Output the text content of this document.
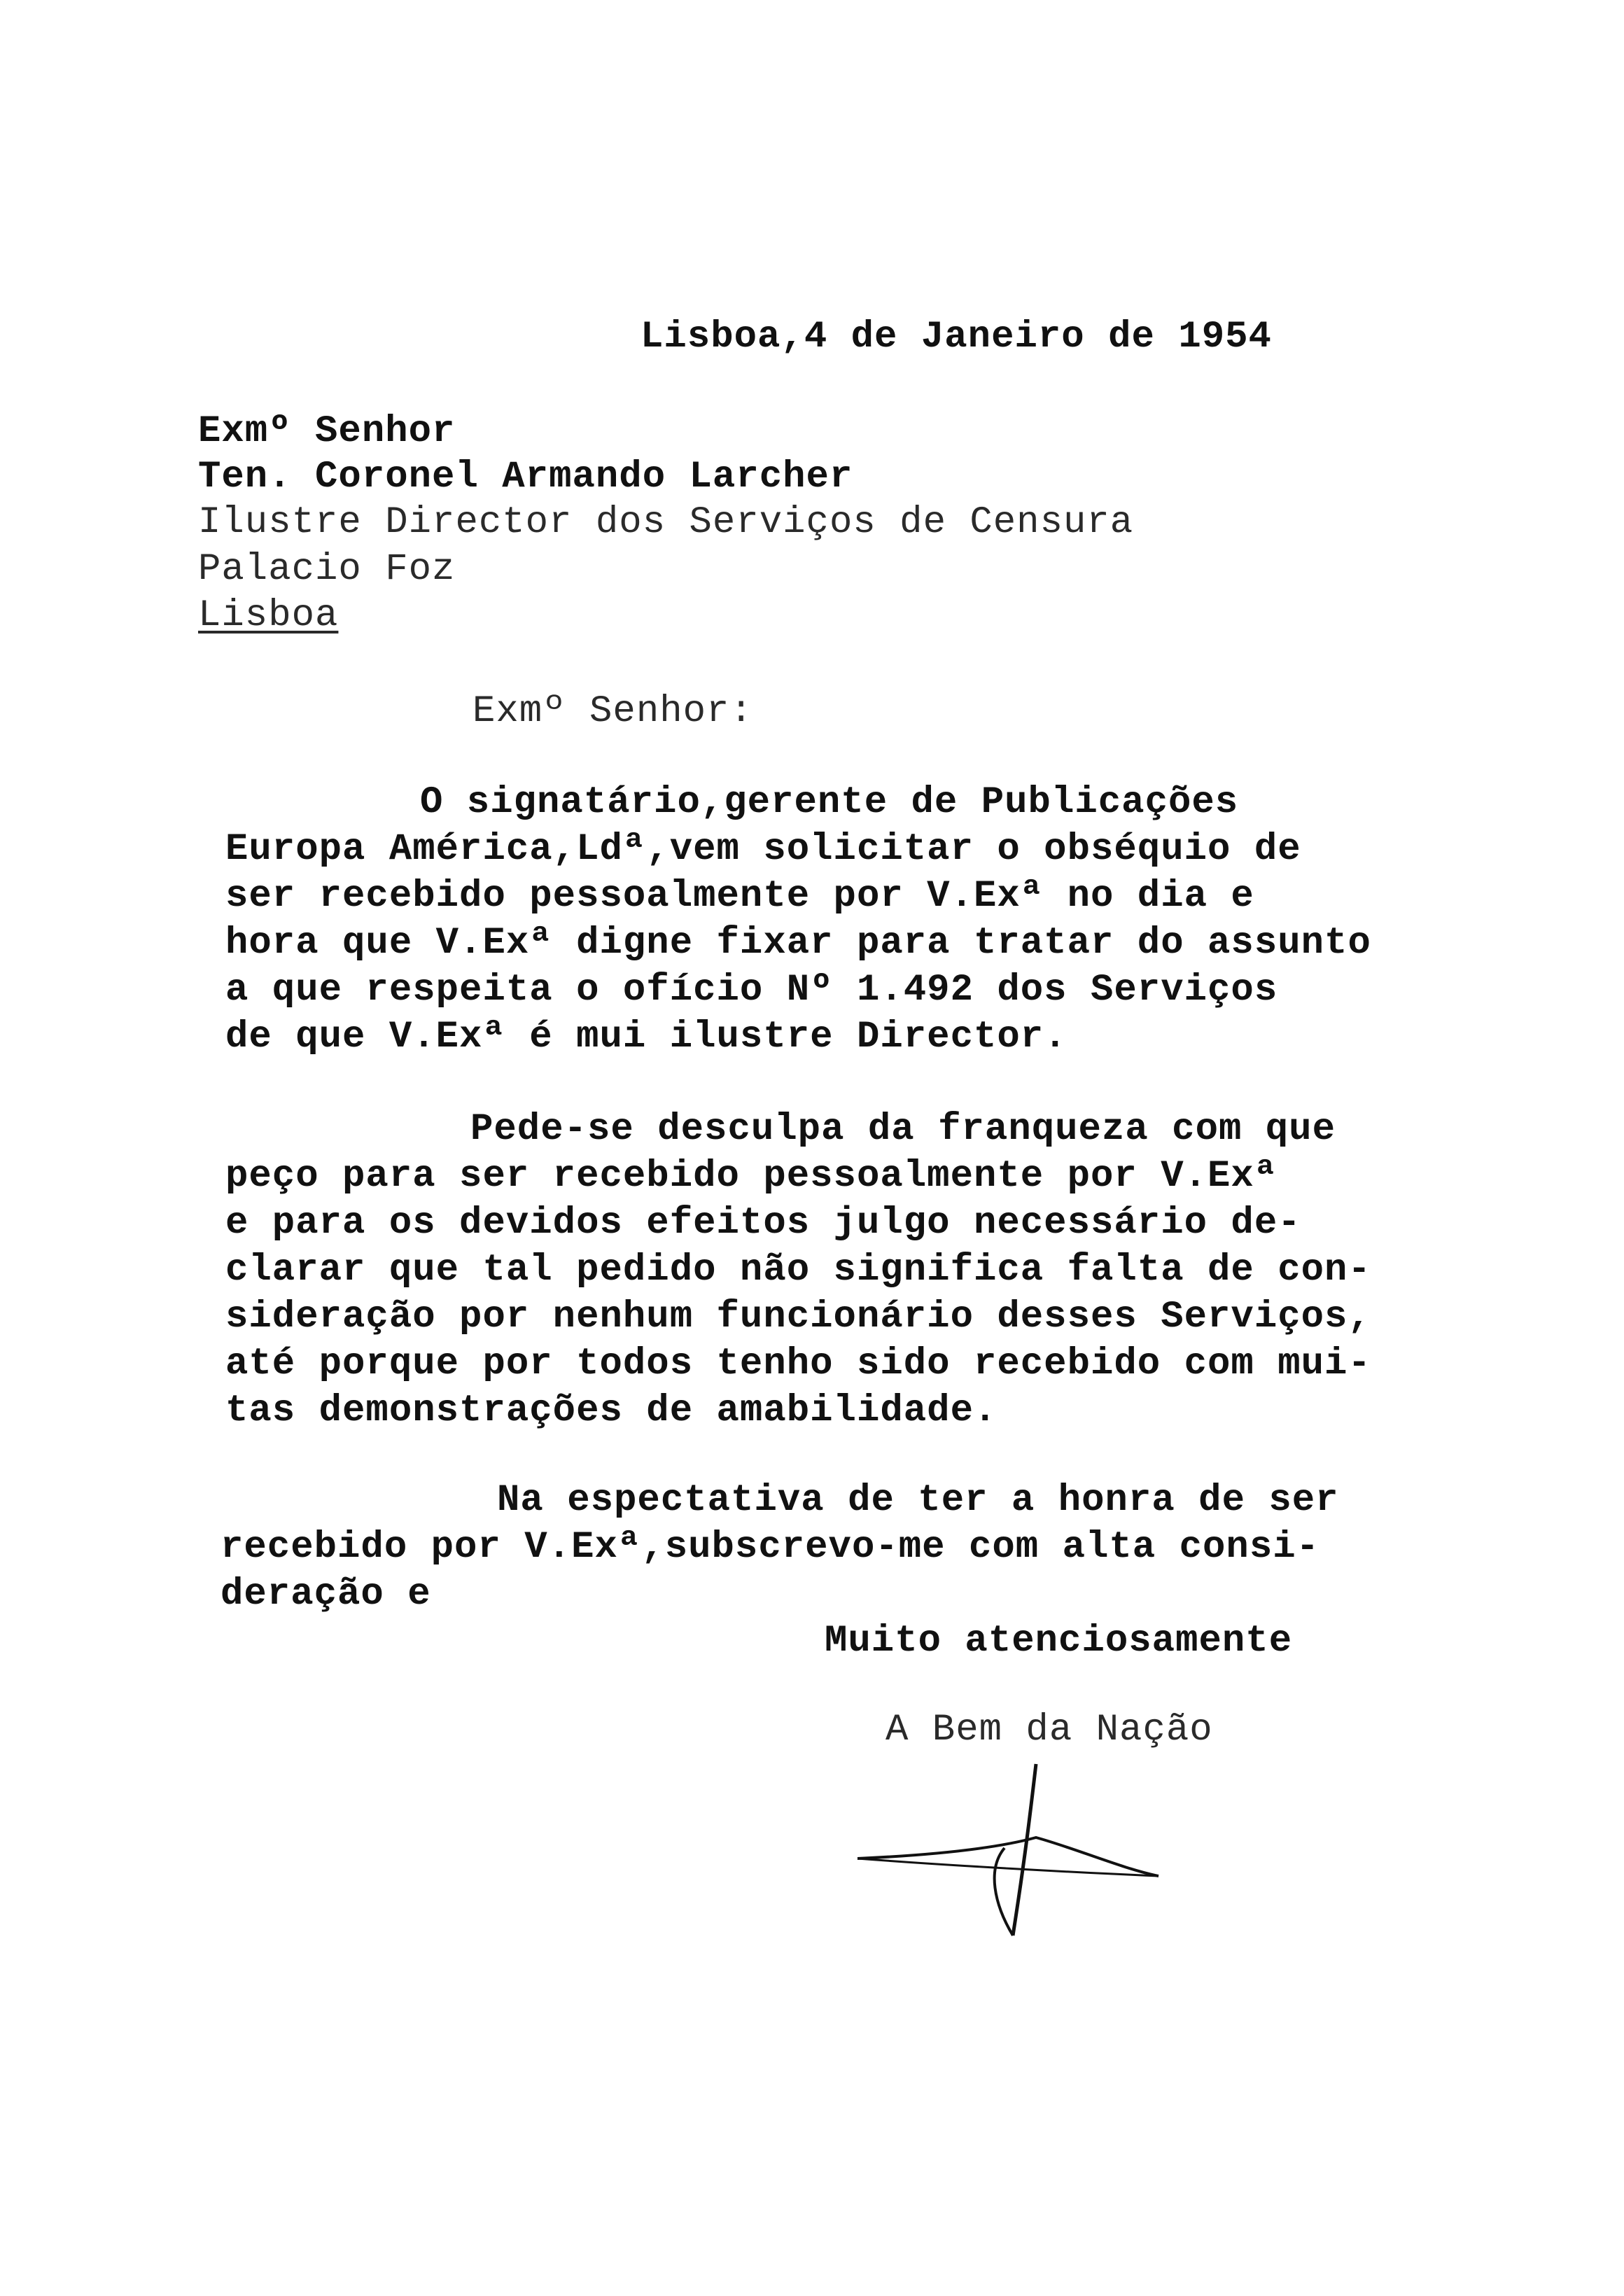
Lisboa,4 de Janeiro de 1954
Exmº Senhor
Ten. Coronel Armando Larcher
Ilustre Director dos Serviços de Censura
Palacio Foz
Lisboa
Exmº Senhor:
O signatário,gerente de Publicações
Europa América,Ldª,vem solicitar o obséquio de
ser recebido pessoalmente por V.Exª no dia e
hora que V.Exª digne fixar para tratar do assunto
a que respeita o ofício Nº 1.492 dos Serviços
de que V.Exª é mui ilustre Director.
Pede-se desculpa da franqueza com que
peço para ser recebido pessoalmente por V.Exª
e para os devidos efeitos julgo necessário de-
clarar que tal pedido não significa falta de con-
sideração por nenhum funcionário desses Serviços,
até porque por todos tenho sido recebido com mui-
tas demonstrações de amabilidade.
Na espectativa de ter a honra de ser
recebido por V.Exª,subscrevo-me com alta consi-
deração e
Muito atenciosamente
A Bem da Nação
